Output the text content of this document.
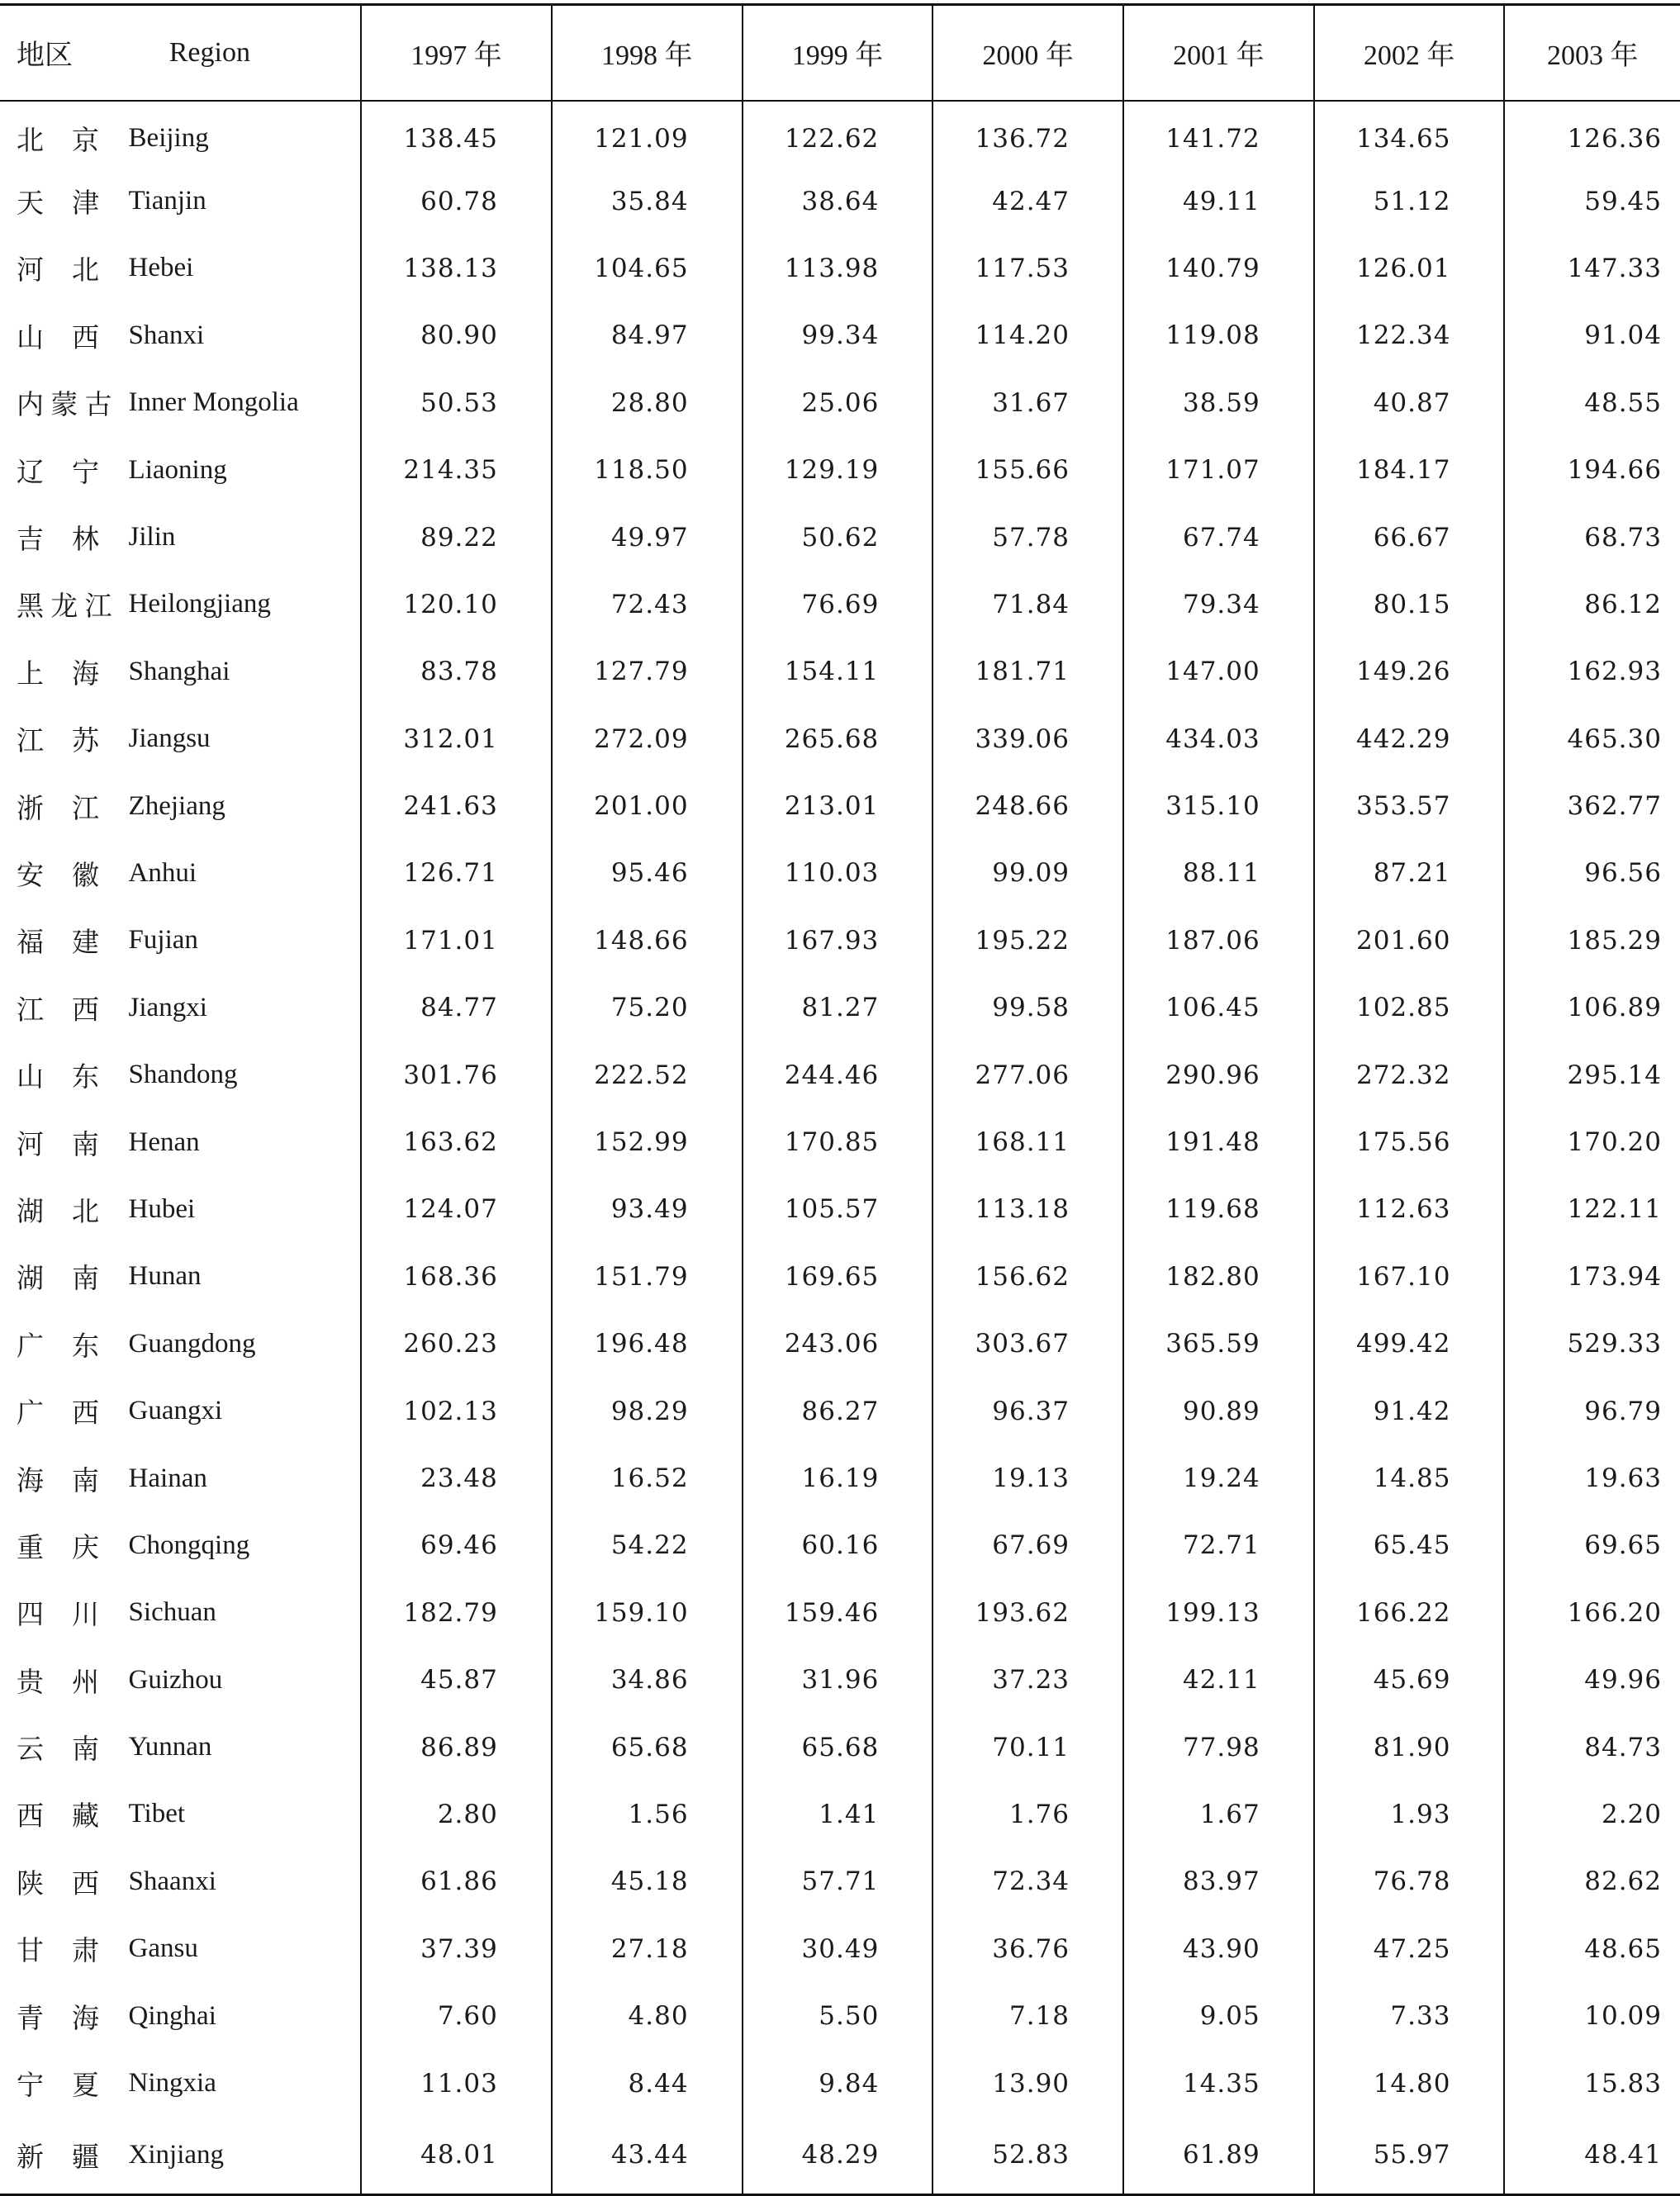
地区	Region	1997 年	1998 年	1999 年	2000 年	2001 年	2002 年	2003 年
北 京	Beijing	138.45	121.09	122.62	136.72	141.72	134.65	126.36
天 津	Tianjin	60.78	35.84	38.64	42.47	49.11	51.12	59.45
河 北	Hebei	138.13	104.65	113.98	117.53	140.79	126.01	147.33
山 西	Shanxi	80.90	84.97	99.34	114.20	119.08	122.34	91.04
内 蒙 古	Inner Mongolia	50.53	28.80	25.06	31.67	38.59	40.87	48.55
辽 宁	Liaoning	214.35	118.50	129.19	155.66	171.07	184.17	194.66
吉 林	Jilin	89.22	49.97	50.62	57.78	67.74	66.67	68.73
黑 龙 江	Heilongjiang	120.10	72.43	76.69	71.84	79.34	80.15	86.12
上 海	Shanghai	83.78	127.79	154.11	181.71	147.00	149.26	162.93
江 苏	Jiangsu	312.01	272.09	265.68	339.06	434.03	442.29	465.30
浙 江	Zhejiang	241.63	201.00	213.01	248.66	315.10	353.57	362.77
安 徽	Anhui	126.71	95.46	110.03	99.09	88.11	87.21	96.56
福 建	Fujian	171.01	148.66	167.93	195.22	187.06	201.60	185.29
江 西	Jiangxi	84.77	75.20	81.27	99.58	106.45	102.85	106.89
山 东	Shandong	301.76	222.52	244.46	277.06	290.96	272.32	295.14
河 南	Henan	163.62	152.99	170.85	168.11	191.48	175.56	170.20
湖 北	Hubei	124.07	93.49	105.57	113.18	119.68	112.63	122.11
湖 南	Hunan	168.36	151.79	169.65	156.62	182.80	167.10	173.94
广 东	Guangdong	260.23	196.48	243.06	303.67	365.59	499.42	529.33
广 西	Guangxi	102.13	98.29	86.27	96.37	90.89	91.42	96.79
海 南	Hainan	23.48	16.52	16.19	19.13	19.24	14.85	19.63
重 庆	Chongqing	69.46	54.22	60.16	67.69	72.71	65.45	69.65
四 川	Sichuan	182.79	159.10	159.46	193.62	199.13	166.22	166.20
贵 州	Guizhou	45.87	34.86	31.96	37.23	42.11	45.69	49.96
云 南	Yunnan	86.89	65.68	65.68	70.11	77.98	81.90	84.73
西 藏	Tibet	2.80	1.56	1.41	1.76	1.67	1.93	2.20
陕 西	Shaanxi	61.86	45.18	57.71	72.34	83.97	76.78	82.62
甘 肃	Gansu	37.39	27.18	30.49	36.76	43.90	47.25	48.65
青 海	Qinghai	7.60	4.80	5.50	7.18	9.05	7.33	10.09
宁 夏	Ningxia	11.03	8.44	9.84	13.90	14.35	14.80	15.83
新 疆	Xinjiang	48.01	43.44	48.29	52.83	61.89	55.97	48.41
